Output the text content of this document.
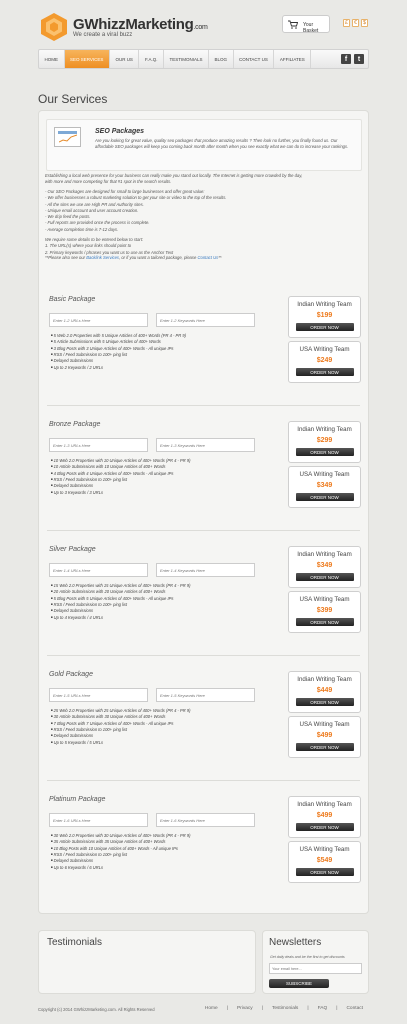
GWhizzMarketing.com
We create a viral buzz
Your Basket
£	€	$
HOME	SEO SERVICES	OUR US	F.A.Q.	TESTIMONIALS	BLOG	CONTACT US	AFFILIATES	f	t
Our Services
SEO Packages
Are you looking for great value, quality seo packages that produce amazing results ? Then look no further, you finally found us. Our affordable SEO packages will keep you coming back month after month when you see exactly what we can do to increase your rankings.
Establishing a local web presence for your business can really make you stand out locally. The Internet is getting more crowded by the day,
with more and more competing for that #1 spot in the search results.
- Our SEO Packages are designed for small to large businesses and offer great value:
- We offer businesses a robust marketing solution to get your site or video to the top of the results.
- All the sites we use are High PR and Authority sites.
- Unique email account and user account creation.
- We drip feed the posts.
- Full reports are provided once the process is complete.
- Average completion time is 7-12 days.
We require some details to be entered below to start:
1. The URL(s) where your links should point to
2. Primary keywords / phrases you want us to use as the Anchor Text
**Please also see our Backlink Services, or if you want a tailored package, please Contact Us**
Basic Package
Enter 1-2 URLs Here
Enter 1-2 Keywords Here
■ 5 Web 2.0 Properties with 5 Unique Articles of 400+ Words (PR 4 - PR 9)
■ 5 Article Submissions with 5 Unique Articles of 400+ Words
■ 3 Blog Posts with 3 Unique Articles of 400+ Words - All unique IPs
■ RSS / Feed Submission to 100+ ping list
■ Delayed Submissions
■ Up to 2 Keywords / 2 URLs
Indian Writing Team
$199
ORDER NOW
USA Writing Team
$249
ORDER NOW
Bronze Package
Enter 1-3 URLs Here
Enter 1-3 Keywords Here
■ 10 Web 2.0 Properties with 10 Unique Articles of 400+ Words (PR 4 - PR 9)
■ 10 Article Submissions with 10 Unique Articles of 400+ Words
■ 4 Blog Posts with 4 Unique Articles of 400+ Words - All unique IPs
■ RSS / Feed Submission to 100+ ping list
■ Delayed Submissions
■ Up to 3 Keywords / 3 URLs
Indian Writing Team
$299
ORDER NOW
USA Writing Team
$349
ORDER NOW
Silver Package
Enter 1-4 URLs Here
Enter 1-4 Keywords Here
■ 15 Web 2.0 Properties with 15 Unique Articles of 400+ Words (PR 4 - PR 9)
■ 20 Article Submissions with 20 Unique Articles of 400+ Words
■ 5 Blog Posts with 5 Unique Articles of 400+ Words - All unique IPs
■ RSS / Feed Submission to 100+ ping list
■ Delayed Submissions
■ Up to 4 Keywords / 4 URLs
Indian Writing Team
$349
ORDER NOW
USA Writing Team
$399
ORDER NOW
Gold Package
Enter 1-5 URLs Here
Enter 1-5 Keywords Here
■ 25 Web 2.0 Properties with 25 Unique Articles of 400+ Words (PR 4 - PR 9)
■ 30 Article Submissions with 30 Unique Articles of 400+ Words
■ 7 Blog Posts with 7 Unique Articles of 400+ Words - All unique IPs
■ RSS / Feed Submission to 100+ ping list
■ Delayed Submissions
■ Up to 5 Keywords / 5 URLs
Indian Writing Team
$449
ORDER NOW
USA Writing Team
$499
ORDER NOW
Platinum Package
Enter 1-6 URLs Here
Enter 1-6 Keywords Here
■ 30 Web 2.0 Properties with 30 Unique Articles of 400+ Words (PR 4 - PR 9)
■ 35 Article Submissions with 35 Unique Articles of 400+ Words
■ 10 Blog Posts with 10 Unique Articles of 400+ Words - All unique IPs
■ RSS / Feed Submission to 100+ ping list
■ Delayed Submissions
■ Up to 6 Keywords / 6 URLs
Indian Writing Team
$499
ORDER NOW
USA Writing Team
$549
ORDER NOW
Testimonials	Newsletters
Get daily deals and be the first to get discounts
Your email here...
SUBSCRIBE
Copyright (c) 2014 GWhizzMarketing.com. All Rights Reserved	Home | Privacy | Testimonials | FAQ | Contact
